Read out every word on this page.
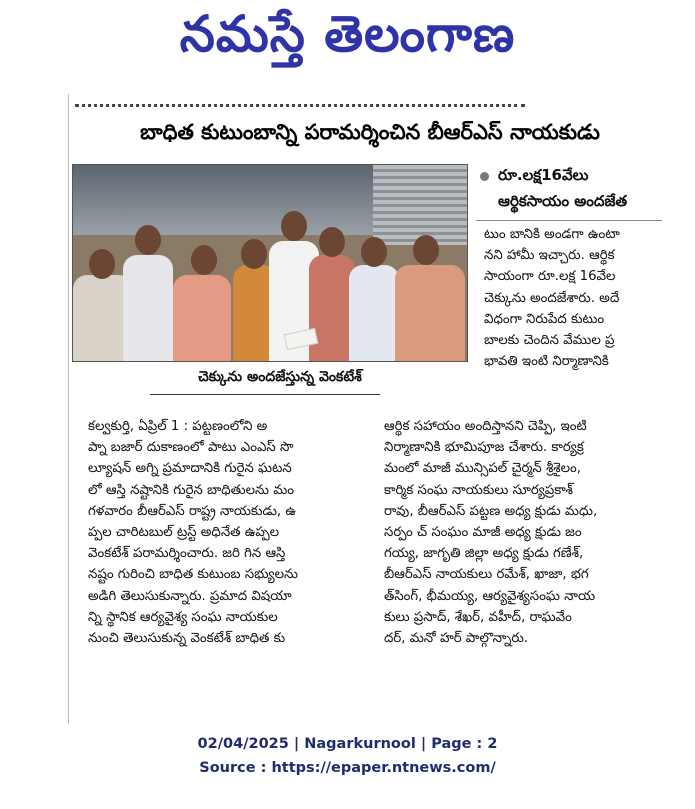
నమస్తే తెలంగాణ
బాధిత కుటుంబాన్ని పరామర్శించిన బీఆర్ఎస్ నాయకుడు
చెక్కును అందజేస్తున్న వెంకటేశ్
రూ.లక్ష16వేలు
ఆర్థికసాయం అందజేత
టుం బానికి అండగా ఉంటా
నని హామీ ఇచ్చారు. ఆర్థిక
సాయంగా రూ.లక్ష 16వేల
చెక్కును అందజేశారు. అదే
విధంగా నిరుపేద కుటుం
బాలకు చెందిన వేముల ప్ర
భావతి ఇంటి నిర్మాణానికి
కల్వకుర్తి, ఏప్రిల్ 1 : పట్టణంలోని అ
ప్నా బజార్ దుకాణంలో పాటు ఎంఎస్ సొ
ల్యూషన్ అగ్ని ప్రమాదానికి గురైన ఘటన
లో ఆస్తి నష్టానికి గురైన బాధితులను మం
గళవారం బీఆర్ఎస్ రాష్ట్ర నాయకుడు, ఉ
ప్పల చారిటబుల్ ట్రస్ట్ అధినేత ఉప్పల
వెంకటేశ్ పరామర్శించారు. జరి గిన ఆస్తి
నష్టం గురించి బాధిత కుటుంబ సభ్యులను
అడిగి తెలుసుకున్నారు. ప్రమాద విషయా
న్ని స్థానిక ఆర్యవైశ్య సంఘ నాయకుల
నుంచి తెలుసుకున్న వెంకటేశ్ బాధిత కు
ఆర్థిక సహాయం అందిస్తానని చెప్పి, ఇంటి
నిర్మాణానికి భూమిపూజ చేశారు. కార్యక్ర
మంలో మాజీ మున్సిపల్ చైర్మన్ శ్రీశైలం,
కార్మిక సంఘ నాయకులు సూర్యప్రకాశ్
రావు, బీఆర్ఎస్ పట్టణ అధ్య క్షుడు మధు,
సర్పం చ్ సంఘం మాజీ అధ్య క్షుడు జం
గయ్య, జాగృతి జిల్లా అధ్య క్షుడు గణేశ్,
బీఆర్ఎస్ నాయకులు రమేశ్, ఖాజా, భగ
త్‌సింగ్, భీమయ్య, ఆర్యవైశ్యసంఘ నాయ
కులు ప్రసాద్, శేఖర్, వహీద్, రాఘవేం
దర్, మనో హర్ పాల్గొన్నారు.
02/04/2025 | Nagarkurnool | Page : 2
Source : https://epaper.ntnews.com/
